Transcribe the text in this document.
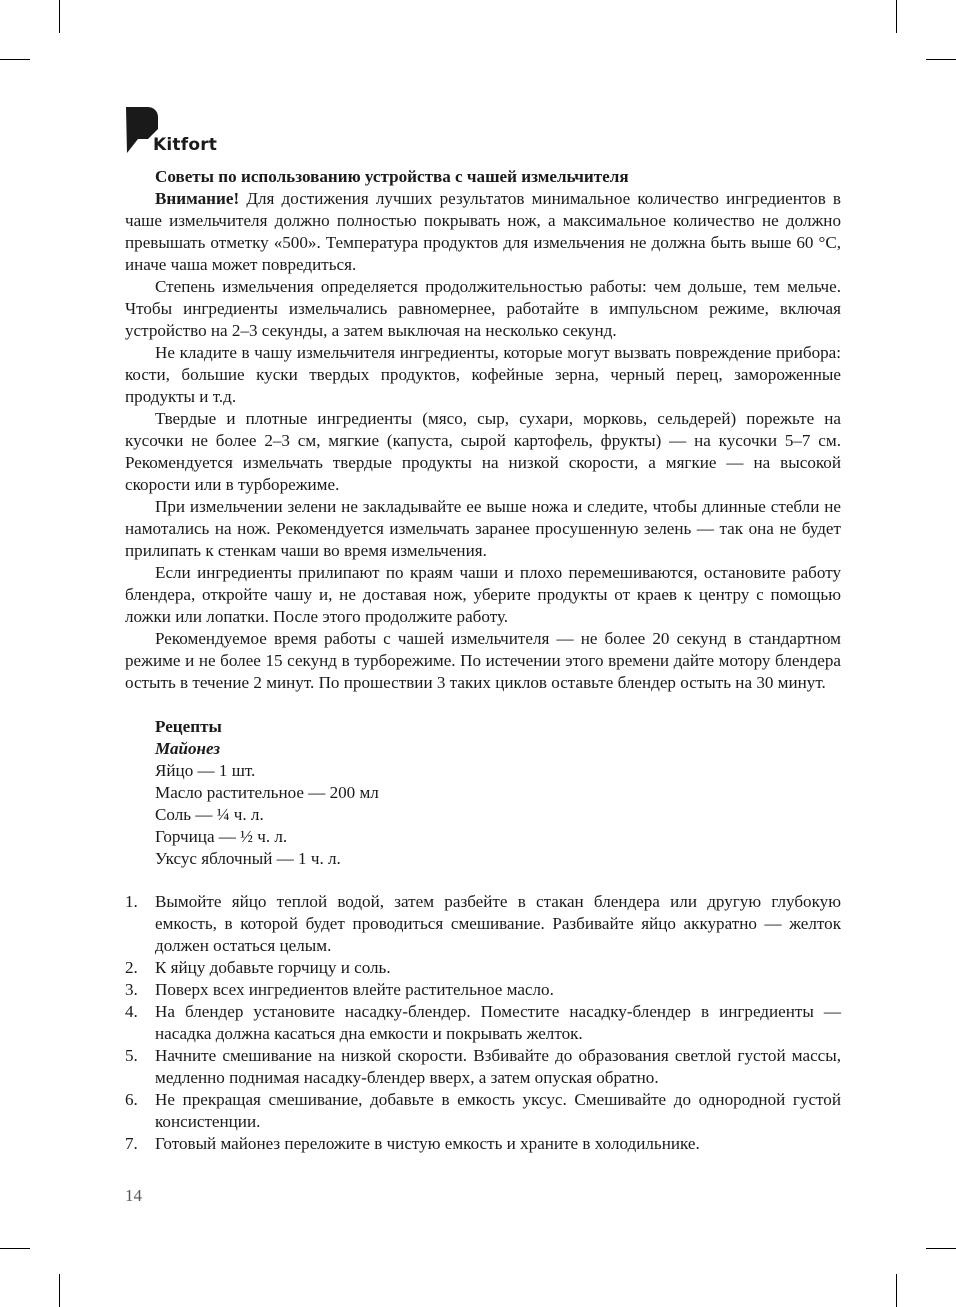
Kitfort

Советы по использованию устройства с чашей измельчителя

Внимание! Для достижения лучших результатов минимальное количество ингредиентов в чаше измельчителя должно полностью покрывать нож, а максимальное количество не должно превышать отметку «500». Температура продуктов для измельчения не должна быть выше 60 °С, иначе чаша может повредиться.

Степень измельчения определяется продолжительностью работы: чем дольше, тем мельче. Чтобы ингредиенты измельчались равномернее, работайте в импульсном режиме, включая устройство на 2–3 секунды, а затем выключая на несколько секунд.

Не кладите в чашу измельчителя ингредиенты, которые могут вызвать повреждение прибора: кости, большие куски твердых продуктов, кофейные зерна, черный перец, замороженные продукты и т.д.

Твердые и плотные ингредиенты (мясо, сыр, сухари, морковь, сельдерей) порежьте на кусочки не более 2–3 см, мягкие (капуста, сырой картофель, фрукты) — на кусочки 5–7 см. Рекомендуется измельчать твердые продукты на низкой скорости, а мягкие — на высокой скорости или в турборежиме.

При измельчении зелени не закладывайте ее выше ножа и следите, чтобы длинные стебли не намотались на нож. Рекомендуется измельчать заранее просушенную зелень — так она не будет прилипать к стенкам чаши во время измельчения.

Если ингредиенты прилипают по краям чаши и плохо перемешиваются, остановите работу блендера, откройте чашу и, не доставая нож, уберите продукты от краев к центру с помощью ложки или лопатки. После этого продолжите работу.

Рекомендуемое время работы с чашей измельчителя — не более 20 секунд в стандартном режиме и не более 15 секунд в турборежиме. По истечении этого времени дайте мотору блендера остыть в течение 2 минут. По прошествии 3 таких циклов оставьте блендер остыть на 30 минут.

Рецепты

Майонез

Яйцо — 1 шт.

Масло растительное — 200 мл

Соль — ¼ ч. л.

Горчица — ½ ч. л.

Уксус яблочный — 1 ч. л.

1. Вымойте яйцо теплой водой, затем разбейте в стакан блендера или другую глубокую емкость, в которой будет проводиться смешивание. Разбивайте яйцо аккуратно — желток должен остаться целым.
2. К яйцу добавьте горчицу и соль.
3. Поверх всех ингредиентов влейте растительное масло.
4. На блендер установите насадку-блендер. Поместите насадку-блендер в ингредиенты — насадка должна касаться дна емкости и покрывать желток.
5. Начните смешивание на низкой скорости. Взбивайте до образования светлой густой массы, медленно поднимая насадку-блендер вверх, а затем опуская обратно.
6. Не прекращая смешивание, добавьте в емкость уксус. Смешивайте до однородной густой консистенции.
7. Готовый майонез переложите в чистую емкость и храните в холодильнике.
14
